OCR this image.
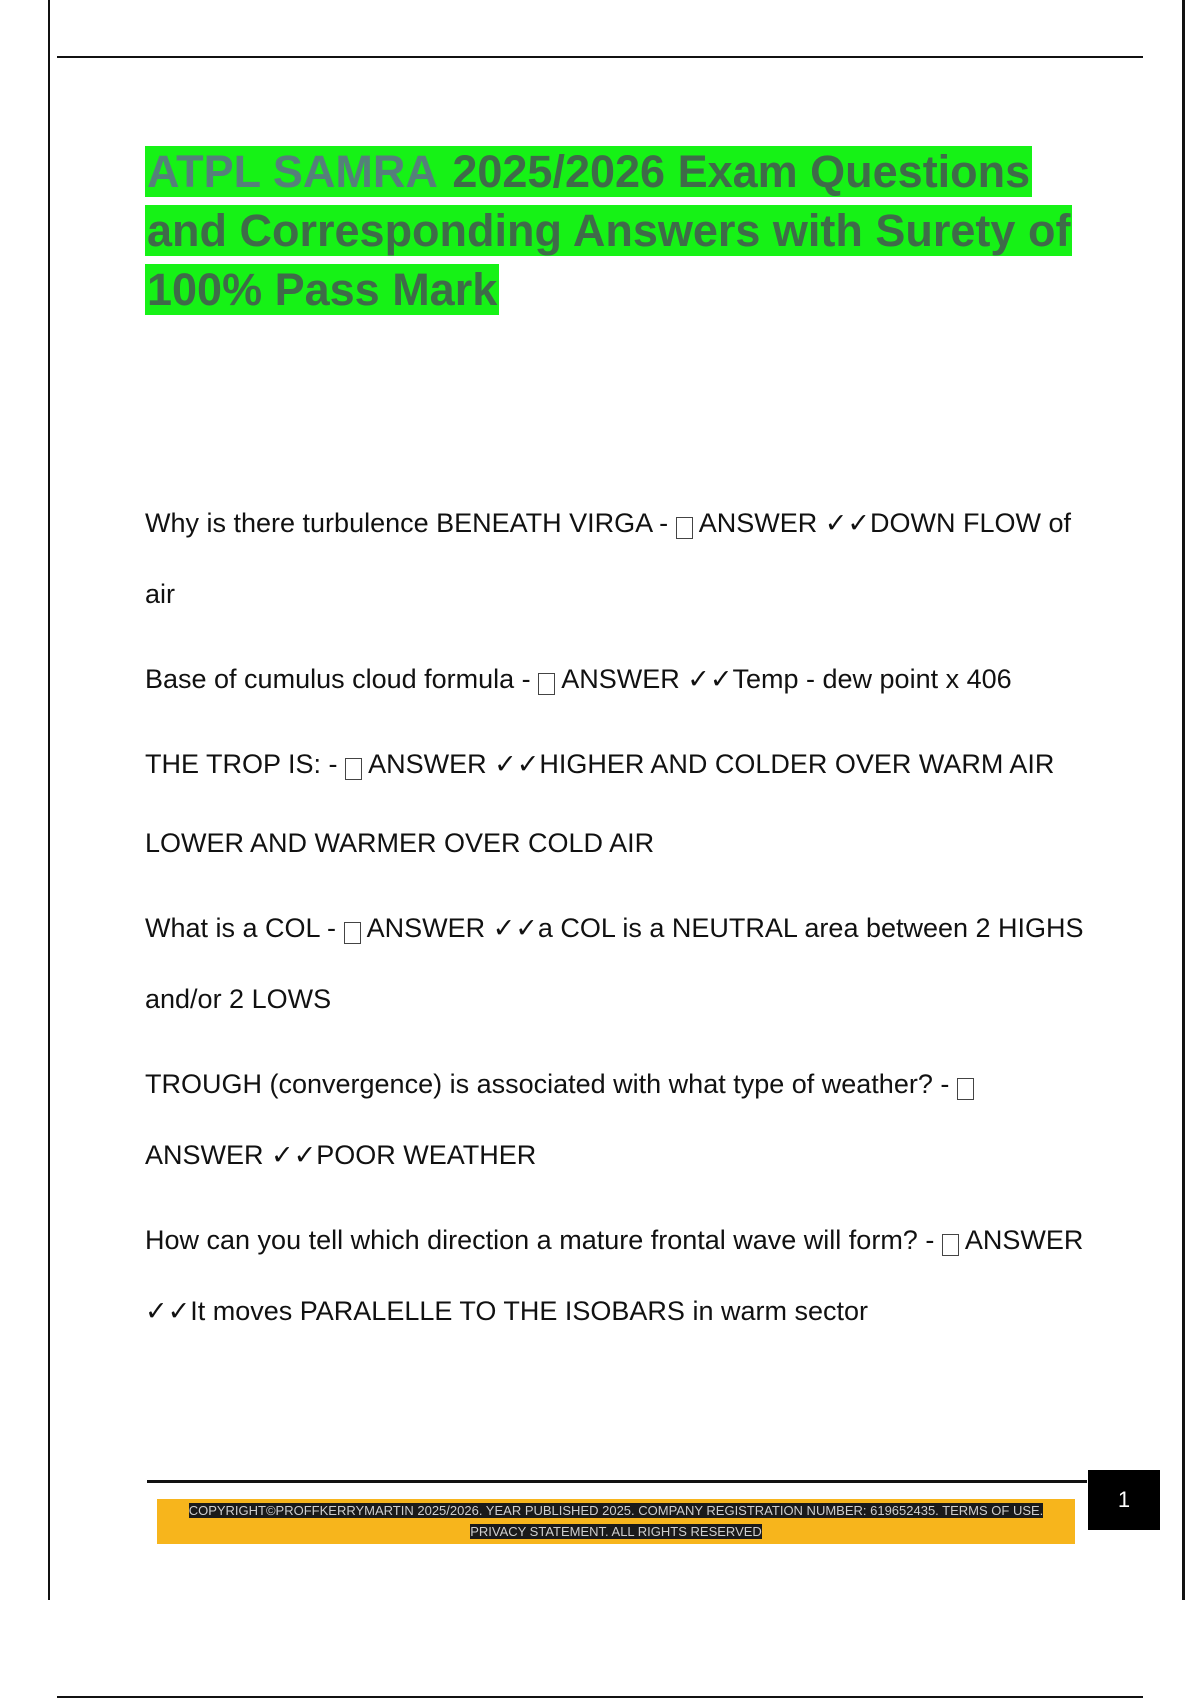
ATPL SAMRA 2025/2026 Exam Questions and Corresponding Answers with Surety of 100% Pass Mark
Why is there turbulence BENEATH VIRGA -  ANSWER ✓✓DOWN FLOW of air
Base of cumulus cloud formula -  ANSWER ✓✓Temp - dew point x 406
THE TROP IS: -  ANSWER ✓✓HIGHER AND COLDER OVER WARM AIR
LOWER AND WARMER OVER COLD AIR
What is a COL -  ANSWER ✓✓a COL is a NEUTRAL area between 2 HIGHS and/or 2 LOWS
TROUGH (convergence) is associated with what type of weather? -  ANSWER ✓✓POOR WEATHER
How can you tell which direction a mature frontal wave will form? -  ANSWER ✓✓It moves PARALELLE TO THE ISOBARS in warm sector
COPYRIGHT©PROFFKERRYMARTIN 2025/2026. YEAR PUBLISHED 2025. COMPANY REGISTRATION NUMBER: 619652435. TERMS OF USE. PRIVACY STATEMENT. ALL RIGHTS RESERVED
1
